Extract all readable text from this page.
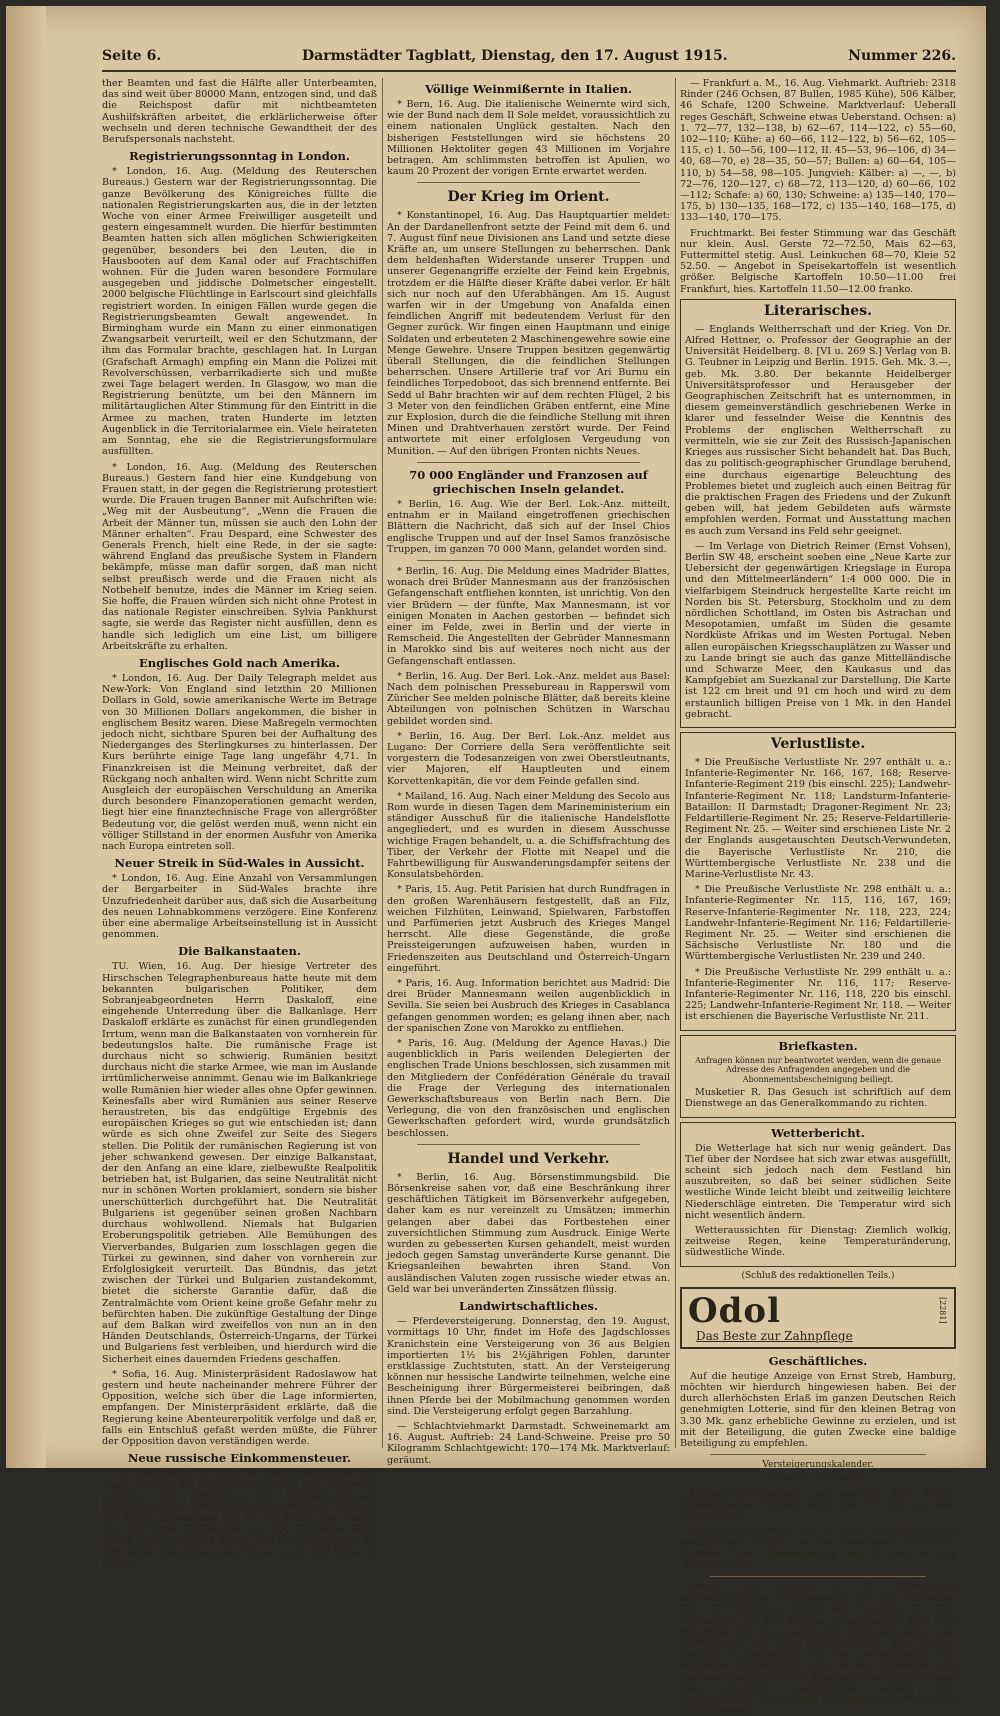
Seite 6.	Darmstädter Tagblatt, Dienstag, den 17. August 1915.	Nummer 226.

ther Beamten und fast die Hälfte aller Unterbeamten, das sind weit über 80000 Mann, entzogen sind, und daß die Reichspost dafür mit nichtbeamteten Aushilfskräften arbeitet, die erklärlicherweise öfter wechseln und deren technische Gewandtheit der des Berufspersonals nachsteht.

Registrierungssonntag in London.

* London, 16. Aug. (Meldung des Reuterschen Bureaus.) Gestern war der Registrierungssonntag. Die ganze Bevölkerung des Königreiches füllte die nationalen Registrierungskarten aus, die in der letzten Woche von einer Armee Freiwilliger ausgeteilt und gestern eingesammelt wurden. Die hierfür bestimmten Beamten hatten sich allen möglichen Schwierigkeiten gegenüber, besonders bei den Leuten, die in Hausbooten auf dem Kanal oder auf Frachtschiffen wohnen. Für die Juden waren besondere Formulare ausgegeben und jiddische Dolmetscher eingestellt. 2000 belgische Flüchtlinge in Earlscourt sind gleichfalls registriert worden. In einigen Fällen wurde gegen die Registrierungsbeamten Gewalt angewendet. In Birmingham wurde ein Mann zu einer einmonatigen Zwangsarbeit verurteilt, weil er den Schutzmann, der ihm das Formular brachte, geschlagen hat. In Lurgan (Grafschaft Armagh) empfing ein Mann die Polizei mit Revolverschüssen, verbarrikadierte sich und mußte zwei Tage belagert werden. In Glasgow, wo man die Registrierung benützte, um bei den Männern im militärtauglichen Alter Stimmung für den Eintritt in die Armee zu machen, traten Hunderte im letzten Augenblick in die Territorialarmee ein. Viele heirateten am Sonntag, ehe sie die Registrierungsformulare ausfüllten.

* London, 16. Aug. (Meldung des Reuterschen Bureaus.) Gestern fand hier eine Kundgebung von Frauen statt, in der gegen die Registrierung protestiert wurde. Die Frauen trugen Banner mit Aufschriften wie: „Weg mit der Ausbeutung“, „Wenn die Frauen die Arbeit der Männer tun, müssen sie auch den Lohn der Männer erhalten“. Frau Despard, eine Schwester des Generals French, hielt eine Rede, in der sie sagte: während England das preußische System in Flandern bekämpfe, müsse man dafür sorgen, daß man nicht selbst preußisch werde und die Frauen nicht als Notbehelf benutze, indes die Männer im Krieg seien. Sie hoffe, die Frauen würden sich nicht ohne Protest in das nationale Register einschreiben. Sylvia Pankhurst sagte, sie werde das Register nicht ausfüllen, denn es handle sich lediglich um eine List, um billigere Arbeitskräfte zu erhalten.

Englisches Gold nach Amerika.

* London, 16. Aug. Der Daily Telegraph meldet aus New-York: Von England sind letzthin 20 Millionen Dollars in Gold, sowie amerikanische Werte im Betrage von 30 Millionen Dollars angekommen, die bisher in englischem Besitz waren. Diese Maßregeln vermochten jedoch nicht, sichtbare Spuren bei der Aufhaltung des Niederganges des Sterlingkurses zu hinterlassen. Der Kurs berührte einige Tage lang ungefähr 4,71. In Finanzkreisen ist die Meinung verbreitet, daß der Rückgang noch anhalten wird. Wenn nicht Schritte zum Ausgleich der europäischen Verschuldung an Amerika durch besondere Finanzoperationen gemacht werden, liegt hier eine finanztechnische Frage von allergrößter Bedeutung vor, die gelöst werden muß, wenn nicht ein völliger Stillstand in der enormen Ausfuhr von Amerika nach Europa eintreten soll.

Neuer Streik in Süd-Wales in Aussicht.

* London, 16. Aug. Eine Anzahl von Versammlungen der Bergarbeiter in Süd-Wales brachte ihre Unzufriedenheit darüber aus, daß sich die Ausarbeitung des neuen Lohnabkommens verzögere. Eine Konferenz über eine abermalige Arbeitseinstellung ist in Aussicht genommen.

Die Balkanstaaten.

TU. Wien, 16. Aug. Der hiesige Vertreter des Hirschschen Telegraphenbureaus hatte heute mit dem bekannten bulgarischen Politiker, dem Sobranjeabgeordneten Herrn Daskaloff, eine eingehende Unterredung über die Balkanlage. Herr Daskaloff erklärte es zunächst für einen grundlegenden Irrtum, wenn man die Balkanstaaten von vornherein für bedeutungslos halte. Die rumänische Frage ist durchaus nicht so schwierig. Rumänien besitzt durchaus nicht die starke Armee, wie man im Auslande irrtümlicherweise annimmt. Genau wie im Balkankriege wolle Rumänien hier wieder alles ohne Opfer gewinnen. Keinesfalls aber wird Rumänien aus seiner Reserve heraustreten, bis das endgültige Ergebnis des europäischen Krieges so gut wie entschieden ist; dann würde es sich ohne Zweifel zur Seite des Siegers stellen. Die Politik der rumänischen Regierung ist von jeher schwankend gewesen. Der einzige Balkanstaat, der den Anfang an eine klare, zielbewußte Realpolitik betrieben hat, ist Bulgarien, das seine Neutralität nicht nur in schönen Worten proklamiert, sondern sie bisher unerschütterlich durchgeführt hat. Die Neutralität Bulgariens ist gegenüber seinen großen Nachbarn durchaus wohlwollend. Niemals hat Bulgarien Eroberungspolitik getrieben. Alle Bemühungen des Vierverbandes, Bulgarien zum losschlagen gegen die Türkei zu gewinnen, sind daher von vornherein zur Erfolglosigkeit verurteilt. Das Bündnis, das jetzt zwischen der Türkei und Bulgarien zustandekommt, bietet die sicherste Garantie dafür, daß die Zentralmächte vom Orient keine große Gefahr mehr zu befürchten haben. Die zukünftige Gestaltung der Dinge auf dem Balkan wird zweifellos von nun an in den Händen Deutschlands, Österreich-Ungarns, der Türkei und Bulgariens fest verbleiben, und hierdurch wird die Sicherheit eines dauernden Friedens geschaffen.

* Sofia, 16. Aug. Ministerpräsident Radoslawow hat gestern und heute nacheinander mehrere Führer der Opposition, welche sich über die Lage informierten, empfangen. Der Ministerpräsident erklärte, daß die Regierung keine Abenteurerpolitik verfolge und daß er, falls ein Entschluß gefaßt werden müßte, die Führer der Opposition davon verständigen werde.

Neue russische Einkommensteuer.

TU. Petersburg, 16. Aug. Die Finanzkommission der Duma billigte die Regierungs-Vorlage der Regierung bezüglich der Einführung der Einkommensteuer. Einkommen über 1000 Rubel zahlen eine feste Taxe von 6½ Rubel. Einkommen von 10 000 Rubel eine Steuer von 325 Rubel. Einkommen von 100 000 Rubel 6000 Rubel. Ueber 100 000 Rubel sind für jede weitere 10 000 Rubel Einkommen eine Steuer von je 650 Rubel zu zahlen.

Völlige Weinmißernte in Italien.

* Bern, 16. Aug. Die italienische Weinernte wird sich, wie der Bund nach dem Il Sole meldet, voraussichtlich zu einem nationalen Unglück gestalten. Nach den bisherigen Feststellungen wird sie höchstens 20 Millionen Hektoliter gegen 43 Millionen im Vorjahre betragen. Am schlimmsten betroffen ist Apulien, wo kaum 20 Prozent der vorigen Ernte erwartet werden.

Der Krieg im Orient.

* Konstantinopel, 16. Aug. Das Hauptquartier meldet: An der Dardanellenfront setzte der Feind mit dem 6. und 7. August fünf neue Divisionen ans Land und setzte diese Kräfte an, um unsere Stellungen zu beherrschen. Dank dem heldenhaften Widerstande unserer Truppen und unserer Gegenangriffe erzielte der Feind kein Ergebnis, trotzdem er die Hälfte dieser Kräfte dabei verlor. Er hält sich nur noch auf den Uferabhängen. Am 15. August warfen wir in der Umgebung von Anafalda einen feindlichen Angriff mit bedeutendem Verlust für den Gegner zurück. Wir fingen einen Hauptmann und einige Soldaten und erbeuteten 2 Maschinengewehre sowie eine Menge Gewehre. Unsere Truppen besitzen gegenwärtig überall Stellungen, die die feindlichen Stellungen beherrschen. Unsere Artillerie traf vor Ari Burnu ein feindliches Torpedoboot, das sich brennend entfernte. Bei Sedd ul Bahr brachten wir auf dem rechten Flügel, 2 bis 3 Meter von den feindlichen Gräben entfernt, eine Mine zur Explosion, durch die die feindliche Stellung mit ihren Minen und Drahtverhauen zerstört wurde. Der Feind antwortete mit einer erfolglosen Vergeudung von Munition. — Auf den übrigen Fronten nichts Neues.

70 000 Engländer und Franzosen auf griechischen Inseln gelandet.

* Berlin, 16. Aug. Wie der Berl. Lok.-Anz. mitteilt, entnahm er in Mailand eingetroffenen griechischen Blättern die Nachricht, daß sich auf der Insel Chios englische Truppen und auf der Insel Samos französische Truppen, im ganzen 70 000 Mann, gelandet worden sind.

* Berlin, 16. Aug. Die Meldung eines Madrider Blattes, wonach drei Brüder Mannesmann aus der französischen Gefangenschaft entfliehen konnten, ist unrichtig. Von den vier Brüdern — der fünfte, Max Mannesmann, ist vor einigen Monaten in Aachen gestorben — befindet sich einer im Felde, zwei in Berlin und der vierte in Remscheid. Die Angestellten der Gebrüder Mannesmann in Marokko sind bis auf weiteres noch nicht aus der Gefangenschaft entlassen.

* Berlin, 16. Aug. Der Berl. Lok.-Anz. meldet aus Basel: Nach dem polnischen Pressebureau in Rapperswil vom Züricher See melden polnische Blätter, daß bereits kleine Abteilungen von polnischen Schützen in Warschau gebildet worden sind.

* Berlin, 16. Aug. Der Berl. Lok.-Anz. meldet aus Lugano: Der Corriere della Sera veröffentlichte seit vorgestern die Todesanzeigen von zwei Oberstleutnants, vier Majoren, elf Hauptleuten und einem Korvettenkapitän, die vor dem Feinde gefallen sind.

* Mailand, 16. Aug. Nach einer Meldung des Secolo aus Rom wurde in diesen Tagen dem Marineministerium ein ständiger Ausschuß für die italienische Handelsflotte angegliedert, und es wurden in diesem Ausschusse wichtige Fragen behandelt, u. a. die Schiffsfrachtung des Tiber, der Verkehr der Flotte mit Neapel und die Fahrtbewilligung für Auswanderungsdampfer seitens der Konsulatsbehörden.

* Paris, 15. Aug. Petit Parisien hat durch Rundfragen in den großen Warenhäusern festgestellt, daß an Filz, weichen Filzhüten, Leinwand, Spielwaren, Farbstoffen und Parfümerien jetzt Ausbruch des Krieges Mangel herrscht. Alle diese Gegenstände, die große Preissteigerungen aufzuweisen haben, wurden in Friedenszeiten aus Deutschland und Österreich-Ungarn eingeführt.

* Paris, 16. Aug. Information berichtet aus Madrid: Die drei Brüder Mannesmann weilen augenblicklich in Sevilla. Sie seien bei Ausbruch des Krieges in Casablanca gefangen genommen worden; es gelang ihnen aber, nach der spanischen Zone von Marokko zu entfliehen.

* Paris, 16. Aug. (Meldung der Agence Havas.) Die augenblicklich in Paris weilenden Delegierten der englischen Trade Unions beschlossen, sich zusammen mit den Mitgliedern der Confédération Générale du travail die Frage der Verlegung des internationalen Gewerkschaftsbureaus von Berlin nach Bern. Die Verlegung, die von den französischen und englischen Gewerkschaften gefordert wird, wurde grundsätzlich beschlossen.

Handel und Verkehr.

* Berlin, 16. Aug. Börsenstimmungsbild. Die Börsenkreise sahen vor, daß eine Beschränkung ihrer geschäftlichen Tätigkeit im Börsenverkehr aufgegeben, daher kam es nur vereinzelt zu Umsätzen; immerhin gelangen aber dabei das Fortbestehen einer zuversichtlichen Stimmung zum Ausdruck. Einige Werte wurden zu gebesserten Kursen gehandelt, meist wurden jedoch gegen Samstag unveränderte Kurse genannt. Die Kriegsanleihen bewahrten ihren Stand. Von ausländischen Valuten zogen russische wieder etwas an. Geld war bei unveränderten Zinssätzen flüssig.

Landwirtschaftliches.

— Pferdeversteigerung. Donnerstag, den 19. August, vormittags 10 Uhr, findet im Hofe des Jagdschlosses Kranichstein eine Versteigerung von 36 aus Belgien importierten 1½ bis 2½jährigen Fohlen, darunter erstklassige Zuchtstuten, statt. An der Versteigerung können nur hessische Landwirte teilnehmen, welche eine Bescheinigung ihrer Bürgermeisterei beibringen, daß ihnen Pferde bei der Mobilmachung genommen worden sind. Die Versteigerung erfolgt gegen Barzahlung.

— Schlachtviehmarkt Darmstadt. Schweinemarkt am 16. August. Auftrieb: 24 Land-Schweine. Preise pro 50 Kilogramm Schlachtgewicht: 170—174 Mk. Marktverlauf: geräumt.

— Frankfurt a. M., 16. Aug. Viehmarkt. Auftrieb: 2318 Rinder (246 Ochsen, 87 Bullen, 1985 Kühe), 506 Kälber, 46 Schafe, 1200 Schweine. Marktverlauf: Ueberall reges Geschäft, Schweine etwas Ueberstand. Ochsen: a) 1. 72—77, 132—138, b) 62—67, 114—122, c) 55—60, 102—110; Kühe: a) 60—66, 112—122, b) 56—62, 105—115, c) 1. 50—56, 100—112, II. 45—53, 96—106, d) 34—40, 68—70, e) 28—35, 50—57; Bullen: a) 60—64, 105—110, b) 54—58, 98—105. Jungvieh: Kälber: a) —, —, b) 72—76, 120—127, c) 68—72, 113—120, d) 60—66, 102—112; Schafe: a) 60, 130; Schweine: a) 135—140, 170—175, b) 130—135, 168—172, c) 135—140, 168—175, d) 133—140, 170—175.

Fruchtmarkt. Bei fester Stimmung war das Geschäft nur klein. Ausl. Gerste 72—72.50, Mais 62—63, Futtermittel stetig. Ausl. Leinkuchen 68—70, Kleie 52 52.50. — Angebot in Speisekartoffeln ist wesentlich größer. Belgische Kartoffeln 10.50—11.00 frei Frankfurt, hies. Kartoffeln 11.50—12.00 franko.

Literarisches.

— Englands Weltherrschaft und der Krieg. Von Dr. Alfred Hettner, o. Professor der Geographie an der Universität Heidelberg. 8. [VI u. 269 S.] Verlag von B. G. Teubner in Leipzig und Berlin. 1915. Geh. Mk. 3.—, geb. Mk. 3.80. Der bekannte Heidelberger Universitätsprofessor und Herausgeber der Geographischen Zeitschrift hat es unternommen, in diesem gemeinverständlich geschriebenen Werke in klarer und fesselnder Weise die Kenntnis des Problems der englischen Weltherrschaft zu vermitteln, wie sie zur Zeit des Russisch-Japanischen Krieges aus russischer Sicht behandelt hat. Das Buch, das zu politisch-geographischer Grundlage beruhend, eine durchaus eigenartige Beleuchtung des Problemes bietet und zugleich auch einen Beitrag für die praktischen Fragen des Friedens und der Zukunft geben will, hat jedem Gebildeten aufs wärmste empfohlen werden. Format und Ausstattung machen es auch zum Versand ins Feld sehr geeignet.

— Im Verlage von Dietrich Reimer (Ernst Vohsen), Berlin SW 48, erscheint soeben eine „Neue Karte zur Uebersicht der gegenwärtigen Kriegslage in Europa und den Mittelmeerländern“ 1:4 000 000. Die in vielfarbigem Steindruck hergestellte Karte reicht im Norden bis St. Petersburg, Stockholm und zu dem nördlichen Schottland, im Osten bis Astrachan und Mesopotamien, umfaßt im Süden die gesamte Nordküste Afrikas und im Westen Portugal. Neben allen europäischen Kriegsschauplätzen zu Wasser und zu Lande bringt sie auch das ganze Mittelländische und Schwarze Meer, den Kaukasus und das Kampfgebiet am Suezkanal zur Darstellung. Die Karte ist 122 cm breit und 91 cm hoch und wird zu dem erstaunlich billigen Preise von 1 Mk. in den Handel gebracht.

Verlustliste.

* Die Preußische Verlustliste Nr. 297 enthält u. a.: Infanterie-Regimenter Nr. 166, 167, 168; Reserve-Infanterie-Regiment 219 (bis einschl. 225); Landwehr-Infanterie-Regiment Nr. 118; Landsturm-Infanterie-Bataillon: II Darmstadt; Dragoner-Regiment Nr. 23; Feldartillerie-Regiment Nr. 25; Reserve-Feldartillerie-Regiment Nr. 25. — Weiter sind erschienen Liste Nr. 2 der Englands ausgetauschten Deutsch-Verwundeten, die Bayerische Verlustliste Nr. 210, die Württembergische Verlustliste Nr. 238 und die Marine-Verlustliste Nr. 43.

* Die Preußische Verlustliste Nr. 298 enthält u. a.: Infanterie-Regimenter Nr. 115, 116, 167, 169; Reserve-Infanterie-Regimenter Nr. 118, 223, 224; Landwehr-Infanterie-Regiment Nr. 116; Feldartillerie-Regiment Nr. 25. — Weiter sind erschienen die Sächsische Verlustliste Nr. 180 und die Württembergische Verlustlisten Nr. 239 und 240.

* Die Preußische Verlustliste Nr. 299 enthält u. a.: Infanterie-Regimenter Nr. 116, 117; Reserve-Infanterie-Regimenter Nr. 116, 118, 220 bis einschl. 225; Landwehr-Infanterie-Regiment Nr. 118. — Weiter ist erschienen die Bayerische Verlustliste Nr. 211.

Briefkasten.
Anfragen können nur beantwortet werden, wenn die genaue Adresse des Anfragenden angegeben und die Abonnementsbescheinigung beiliegt.

Musketier R. Das Gesuch ist schriftlich auf dem Dienstwege an das Generalkommando zu richten.

Wetterbericht.

Die Wetterlage hat sich nur wenig geändert. Das Tief über der Nordsee hat sich zwar etwas ausgefüllt, scheint sich jedoch nach dem Festland hin auszubreiten, so daß bei seiner südlichen Seite westliche Winde leicht bleibt und zeitweilig leichtere Niederschläge eintreten. Die Temperatur wird sich nicht wesentlich ändern.

Wetteraussichten für Dienstag: Ziemlich wolkig, zeitweise Regen, keine Temperaturänderung, südwestliche Winde.

(Schluß des redaktionellen Teils.)
[2281]
Odol Das Beste zur Zahnpflege
Geschäftliches.

Auf die heutige Anzeige von Ernst Streb, Hamburg, möchten wir hierdurch hingewiesen haben. Bei der durch allerhöchsten Erlaß im ganzen Deutschen Reich genehmigten Lotterie, sind für den kleinen Betrag von 3.30 Mk. ganz erhebliche Gewinne zu erzielen, und ist mit der Beteiligung, die guten Zwecke eine baldige Beteiligung zu empfehlen.

Versteigerungskalender.
Mittwoch, 18. August.

Hofreite-Versteigerung des Heinrich Karl Müller (Kranichsteiner Straße 68½) um 11 Uhr an dem Ortsgericht I.

Motor-Versteigerung um 11 Uhr. (Zusammenkunft Heidelberger Straße, an der Bessunger Turnhalle.) Mobiliar- usw. Versteigerung um 3 Uhr in der „Ludwigshalle“.

Druck und Verlag: L. C. Wittich'sche Hofbuchdruckerei. Verantwortlich für den politischen Teil, für Feuilleton, Reich und Ausland: Dr. Otto Waldaestel; für den übrigen redaktionellen Teil: Kurt Mitsching; für den Anzeigenteil, Anzeigenbeilagen und Mitteilungen aus dem Geschäftsleben: Paul Lange, sämtlich in Darmstadt. Für den redaktionellen Teil bestimmte Mitteilungen sind an die „Redaktion des Tagblatts“ zu adressieren. Etwaige Honorarforderungen sind beizufügen; nachträgliche werden nicht berücksichtigt. Unverlangte Manuskripte werden nicht zurückgesandt.
